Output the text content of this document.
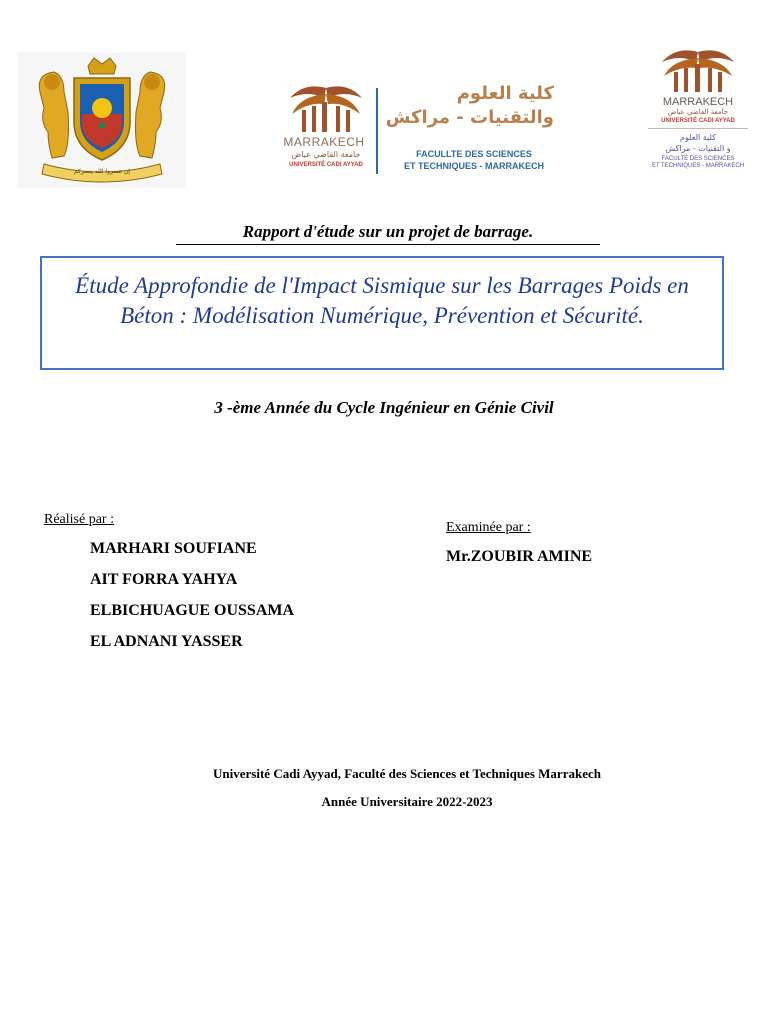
إن تنصروا الله ينصركم
MARRAKECH
جامعة القاضي عياض
UNIVERSITÉ CADI AYYAD
كلية العلوم والتقنيات - مراكش
FACULLTE DES SCIENCES
ET TECHNIQUES - MARRAKECH
MARRAKECH
جامعة القاضي عياض
UNIVERSITÉ CADI AYYAD
كلية العلوم
و التقنيات - مراكش
FACULTÉ DES SCIENCES
ET TECHNIQUES - MARRAKECH
Rapport d'étude sur un projet de barrage.
Étude Approfondie de l'Impact Sismique sur les Barrages Poids en Béton : Modélisation Numérique, Prévention et Sécurité.
3 -ème Année du Cycle Ingénieur en Génie Civil
Réalisé par :
MARHARI SOUFIANE
AIT FORRA YAHYA
ELBICHUAGUE OUSSAMA
EL ADNANI YASSER
Examinée par :
Mr.ZOUBIR AMINE
Université Cadi Ayyad, Faculté des Sciences et Techniques Marrakech
Année Universitaire 2022-2023
